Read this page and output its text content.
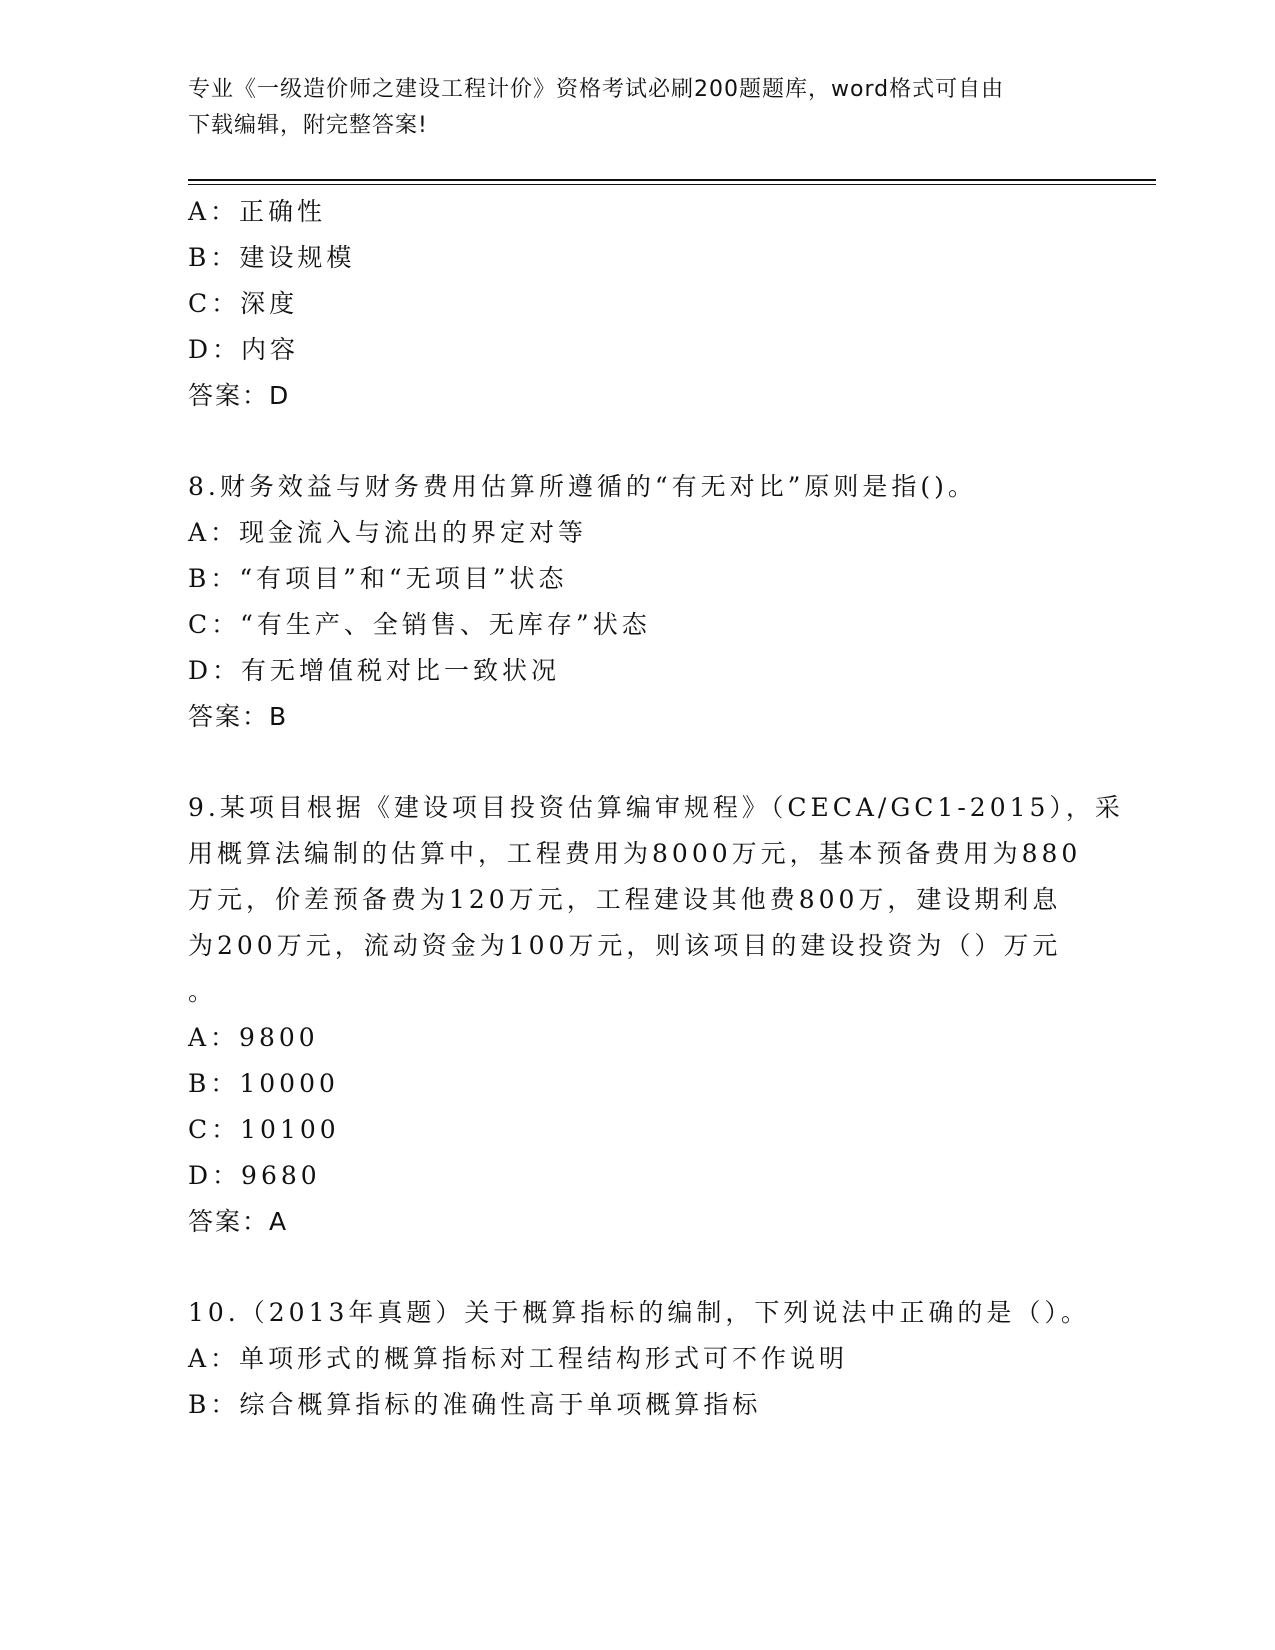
专业《一级造价师之建设工程计价》资格考试必刷200题题库，word格式可自由
下载编辑，附完整答案!
A：正确性
B：建设规模
C：深度
D：内容
答案：D
8.财务效益与财务费用估算所遵循的“有无对比”原则是指()。
A：现金流入与流出的界定对等
B：“有项目”和“无项目”状态
C：“有生产、全销售、无库存”状态
D：有无增值税对比一致状况
答案：B
9.某项目根据《建设项目投资估算编审规程》（CECA/GC1-2015），采
用概算法编制的估算中，工程费用为8000万元，基本预备费用为880
万元，价差预备费为120万元，工程建设其他费800万，建设期利息
为200万元，流动资金为100万元，则该项目的建设投资为（）万元
。
A：9800
B：10000
C：10100
D：9680
答案：A
10.（2013年真题）关于概算指标的编制，下列说法中正确的是（）。
A：单项形式的概算指标对工程结构形式可不作说明
B：综合概算指标的准确性高于单项概算指标
